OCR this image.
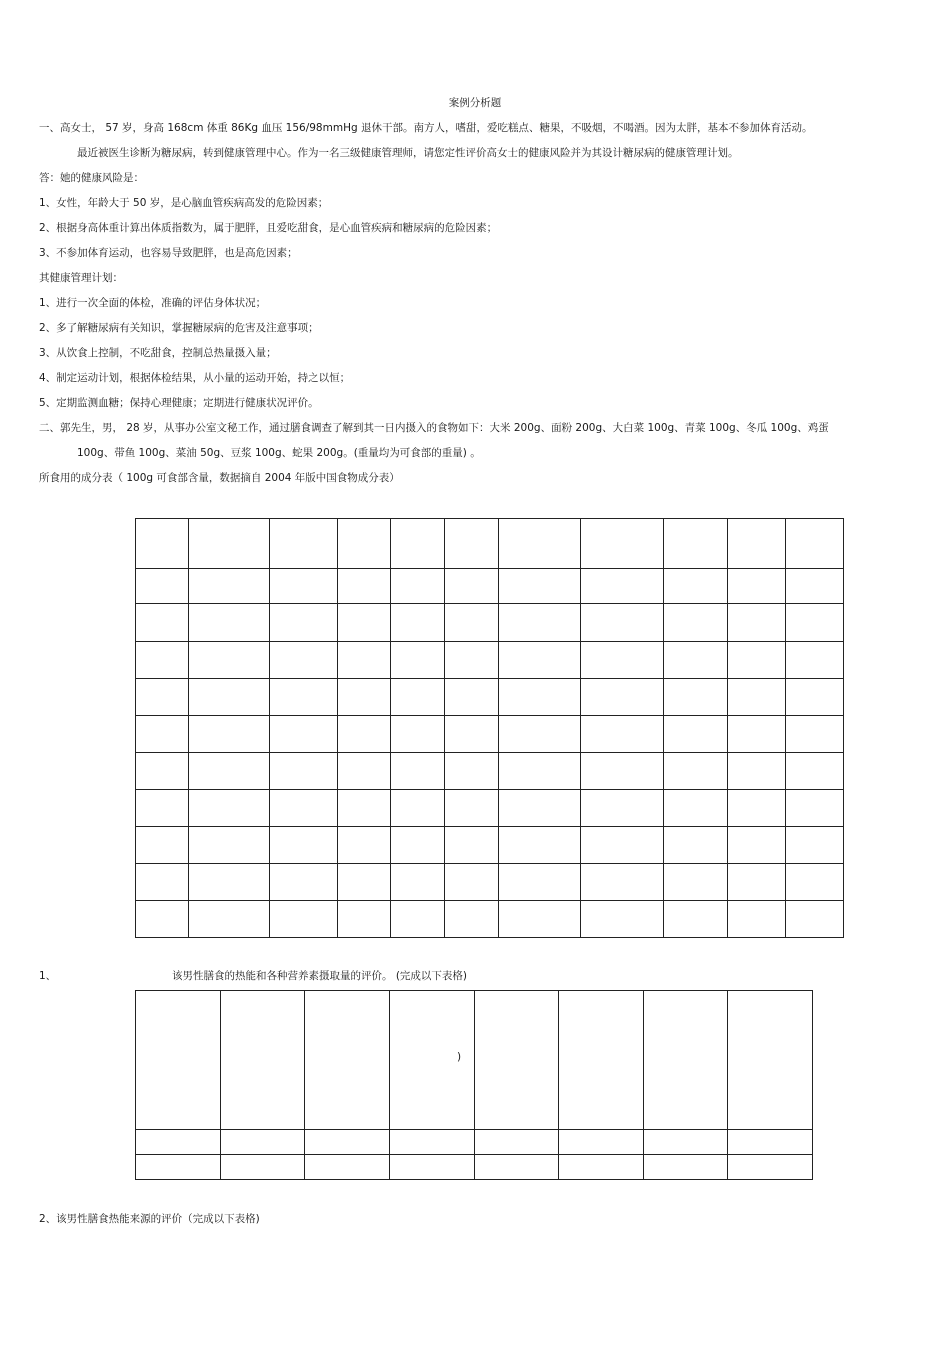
案例分析题
一、高女士， 57 岁，身高 168cm 体重 86Kg 血压 156/98mmHg 退休干部。南方人，嗜甜，爱吃糕点、糖果，不吸烟，不喝酒。因为太胖，基本不参加体育活动。
最近被医生诊断为糖尿病，转到健康管理中心。作为一名三级健康管理师，请您定性评价高女士的健康风险并为其设计糖尿病的健康管理计划。
答：她的健康风险是：
1、女性，年龄大于 50 岁，是心脑血管疾病高发的危险因素；
2、根据身高体重计算出体质指数为，属于肥胖，且爱吃甜食，是心血管疾病和糖尿病的危险因素；
3、不参加体育运动，也容易导致肥胖，也是高危因素；
其健康管理计划：
1、进行一次全面的体检，准确的评估身体状况；
2、多了解糖尿病有关知识，掌握糖尿病的危害及注意事项；
3、从饮食上控制，不吃甜食，控制总热量摄入量；
4、制定运动计划，根据体检结果，从小量的运动开始，持之以恒；
5、定期监测血糖；保持心理健康；定期进行健康状况评价。
二、郭先生，男， 28 岁，从事办公室文秘工作，通过膳食调查了解到其一日内摄入的食物如下：大米 200g、面粉 200g、大白菜 100g、青菜 100g、冬瓜 100g、鸡蛋
100g、带鱼 100g、菜油 50g、豆浆 100g、蛇果 200g。(重量均为可食部的重量) 。
所食用的成分表（ 100g 可食部含量，数据摘自 2004 年版中国食物成分表）

1、	该男性膳食的热能和各种营养素摄取量的评价。 (完成以下表格)

)
2、该男性膳食热能来源的评价（完成以下表格)
